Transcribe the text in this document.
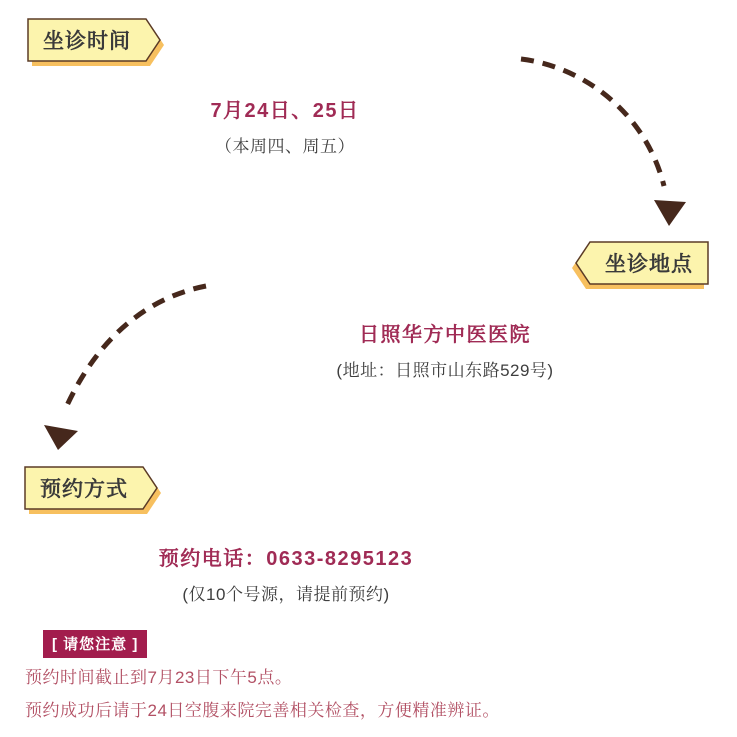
坐诊时间
7月24日、25日
（本周四、周五）
坐诊地点
日照华方中医医院
(地址：日照市山东路529号)
预约方式
预约电话：0633-8295123
(仅10个号源，请提前预约)
[ 请您注意 ]
预约时间截止到7月23日下午5点。
预约成功后请于24日空腹来院完善相关检查，方便精准辨证。
